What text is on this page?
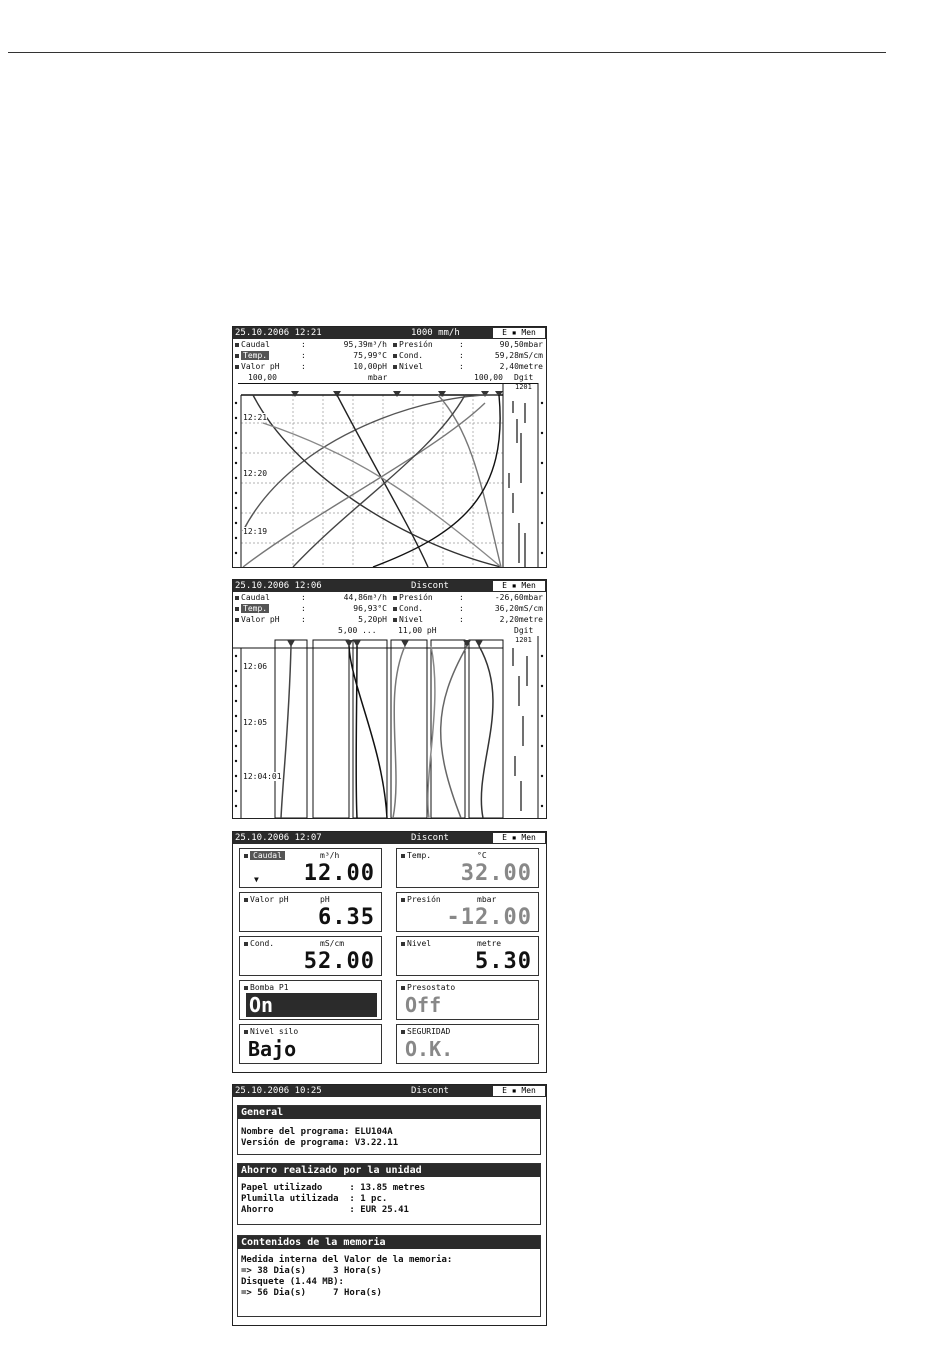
25.10.2006 12:21	1000 mm/h	E ▪ Men
Caudal	:	95,39m³/h	Presión	:	90,50mbar
Temp.	:	75,99°C	Cond.	:	59,28mS/cm
Valor pH	:	10,00pH	Nivel	:	2,40metre
100,00	mbar	100,00 Dgit
1201
12:21
12:20
12:19
25.10.2006 12:06	Discont	E ▪ Men
Caudal	:	44,86m³/h	Presión	:	-26,60mbar
Temp.	:	96,93°C	Cond.	:	36,20mS/cm
Valor pH	:	5,20pH	Nivel	:	2,20metre
5,00 ...	11,00 pH	Dgit
1201
12:06
12:05
12:04:01
25.10.2006 12:07	Discont	E ▪ Men
Caudal	m³/h
▼ 12.00
Temp.	°C
32.00
Valor pH	pH
6.35
Presión	mbar
-12.00
Cond.	mS/cm
52.00
Nivel	metre
5.30
Bomba P1
On
Presostato
Off
Nivel silo
Bajo
SEGURIDAD
O.K.
25.10.2006 10:25	Discont	E ▪ Men
General
Nombre del programa: ELU104A
Versión de programa: V3.22.11
Ahorro realizado por la unidad
Papel utilizado     : 13.85 metres
Plumilla utilizada  : 1 pc.
Ahorro              : EUR 25.41
Contenidos de la memoria
Medida interna del Valor de la memoria:
=> 38 Dia(s)     3 Hora(s)
Disquete (1.44 MB):
=> 56 Dia(s)     7 Hora(s)
